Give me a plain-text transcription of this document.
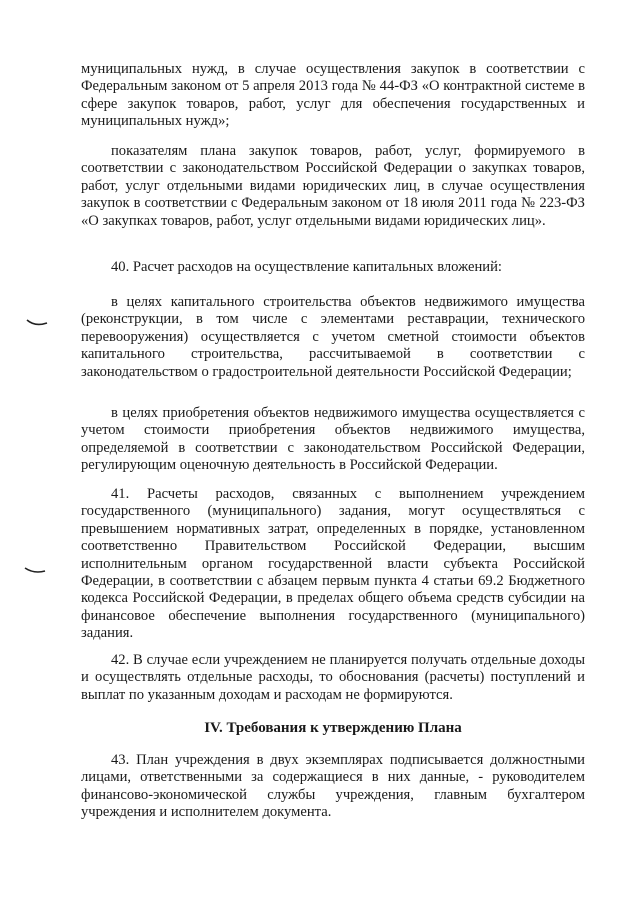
муниципальных нужд, в случае осуществления закупок в соответствии с Федеральным законом от 5 апреля 2013 года № 44-ФЗ «О контрактной системе в сфере закупок товаров, работ, услуг для обеспечения государственных и муниципальных нужд»;

показателям плана закупок товаров, работ, услуг, формируемого в соответствии с законодательством Российской Федерации о закупках товаров, работ, услуг отдельными видами юридических лиц, в случае осуществления закупок в соответствии с Федеральным законом от 18 июля 2011 года № 223-ФЗ «О закупках товаров, работ, услуг отдельными видами юридических лиц».

40. Расчет расходов на осуществление капитальных вложений:

в целях капитального строительства объектов недвижимого имущества (реконструкции, в том числе с элементами реставрации, технического перевооружения) осуществляется с учетом сметной стоимости объектов капитального строительства, рассчитываемой в соответствии с законодательством о градостроительной деятельности Российской Федерации;

в целях приобретения объектов недвижимого имущества осуществляется с учетом стоимости приобретения объектов недвижимого имущества, определяемой в соответствии с законодательством Российской Федерации, регулирующим оценочную деятельность в Российской Федерации.

41. Расчеты расходов, связанных с выполнением учреждением государственного (муниципального) задания, могут осуществляться с превышением нормативных затрат, определенных в порядке, установленном соответственно Правительством Российской Федерации, высшим исполнительным органом государственной власти субъекта Российской Федерации, в соответствии с абзацем первым пункта 4 статьи 69.2 Бюджетного кодекса Российской Федерации, в пределах общего объема средств субсидии на финансовое обеспечение выполнения государственного (муниципального) задания.

42. В случае если учреждением не планируется получать отдельные доходы и осуществлять отдельные расходы, то обоснования (расчеты) поступлений и выплат по указанным доходам и расходам не формируются.

IV. Требования к утверждению Плана

43. План учреждения в двух экземплярах подписывается должностными лицами, ответственными за содержащиеся в них данные, - руководителем финансово-экономической службы учреждения, главным бухгалтером учреждения и исполнителем документа.
